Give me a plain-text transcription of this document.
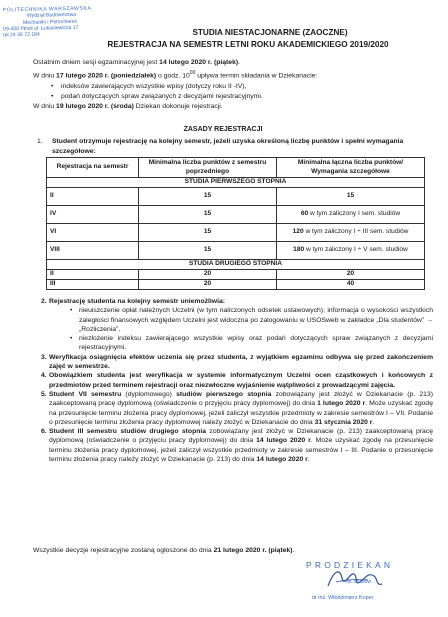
POLITECHNIKA WARSZAWSKA
Wydział Budownictwa
Mechaniki i Petrochemii
09-400 Płock ul. Łukasiewicza 17
tel 24 36 72 184	STUDIA NIESTACJONARNE (ZAOCZNE)
REJESTRACJA NA SEMESTR LETNI ROKU AKADEMICKIEGO 2019/2020

Ostatnim dniem sesji egzaminacyjnej jest 14 lutego 2020 r. (piątek).

W dniu 17 lutego 2020 r. (poniedziałek) o godz. $10^{00}$ upływa termin składania w Dziekanacie:

• indeksów zawierających wszystkie wpisy (dotyczy roku II -IV),
• podań dotyczących spraw związanych z decyzjami rejestracyjnymi.

W dniu 19 lutego 2020 r. (środa) Dziekan dokonuje rejestracji.

ZASADY REJESTRACJI
1. Student otrzymuje rejestrację na kolejny semestr, jeżeli uzyska określoną liczbę punktów i spełni wymagania szczegółowe:
Rejestracja na semestr	Minimalna liczba punktów z semestru poprzedniego	Minimalna łączna liczba punktów/ Wymagania szczegółowe
STUDIA PIERWSZEGO STOPNIA		
II	15	15
IV	15	60 w tym zaliczony I sem. studiów
VI	15	120 w tym zaliczony I ÷ III sem. studiów
VIII	15	180 w tym zaliczony I ÷ V sem. studiów
STUDIA DRUGIEGO STOPNIA		
II	20	20
III	20	40
2. Rejestrację studenta na kolejny semestr uniemożliwia:
• nieuiszczenie opłat należnych Uczelni (w tym naliczonych odsetek ustawowych); informacja o wysokości wszystkich zaległości finansowych względem Uczelni jest widoczna po zalogowaniu w USOSweb w zakładce „Dla studentów” → „Rozliczenia”,
• niezłożenie indeksu zawierającego wszystkie wpisy oraz podań dotyczących spraw związanych z decyzjami rejestracyjnymi.
3. Weryfikacja osiągnięcia efektów uczenia się przez studenta, z wyjątkiem egzaminu odbywa się przed zakończeniem zajęć w semestrze.
4. Obowiązkiem studenta jest weryfikacja w systemie informatycznym Uczelni ocen cząstkowych i końcowych z przedmiotów przed terminem rejestracji oraz niezwłoczne wyjaśnienie wątpliwości z prowadzącymi zajęcia.
5. Student VII semestru (dyplomowego) studiów pierwszego stopnia zobowiązany jest złożyć w Dziekanacie (p. 213) zaakceptowaną pracę dyplomową (oświadczenie o przyjęciu pracy dyplomowej) do dnia 1 lutego 2020 r. Może uzyskać zgodę na przesunięcie terminu złożenia pracy dyplomowej, jeżeli zaliczył wszystkie przedmioty w zakresie semestrów I – VII. Podanie o przesunięcie terminu złożenia pracy dyplomowej należy złożyć w Dziekanacie do dnia 31 stycznia 2020 r.
6. Student III semestru studiów drugiego stopnia zobowiązany jest złożyć w Dziekanacie (p. 213) zaakceptowaną pracę dyplomową (oświadczenie o przyjęciu pracy dyplomowej) do dnia 14 lutego 2020 r. Może uzyskać zgodę na przesunięcie terminu złożenia pracy dyplomowej, jeżeli zaliczył wszystkie przedmioty w zakresie semestrów I – III. Podanie o przesunięcie terminu złożenia pracy należy złożyć w Dziekanacie (p. 213) do dnia 14 lutego 2020 r.
Wszystkie decyzje rejestracyjne zostaną ogłoszone do dnia 21 lutego 2020 r. (piątek).
PRODZIEKAN
ds. studiów
dr inż. Włodzimierz Koper
